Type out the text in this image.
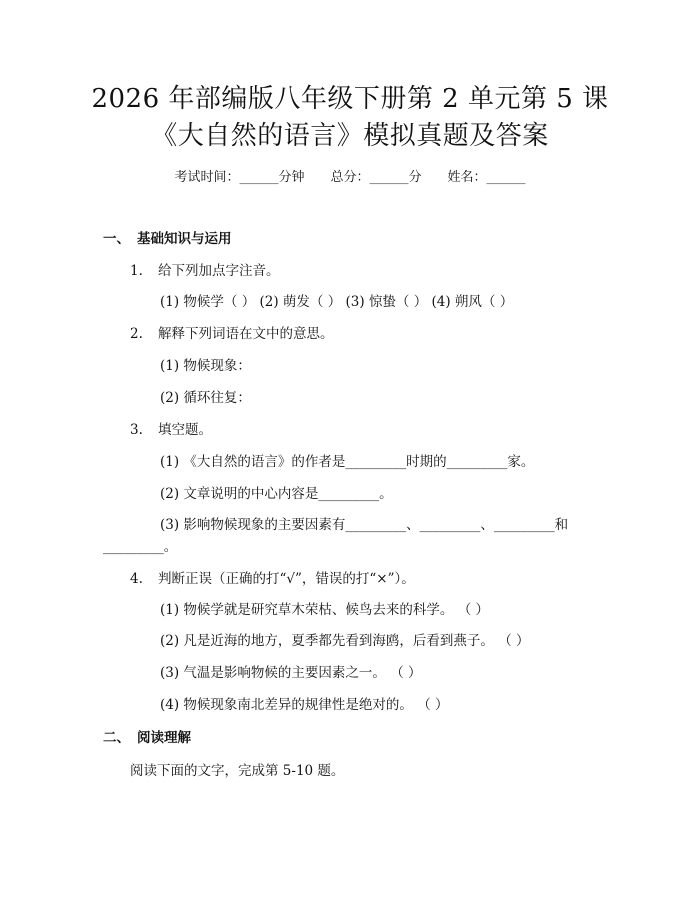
2026 年部编版八年级下册第 2 单元第 5 课
《大自然的语言》模拟真题及答案
考试时间：______分钟 总分：______分 姓名：______
一、 基础知识与运用
1. 给下列加点字注音。
(1) 物候学（ ） (2) 萌发（ ） (3) 惊蛰（ ） (4) 朔风（ ）
2. 解释下列词语在文中的意思。
(1) 物候现象：
(2) 循环往复：
3. 填空题。
(1) 《大自然的语言》的作者是_________时期的_________家。
(2) 文章说明的中心内容是_________。
(3) 影响物候现象的主要因素有_________、_________、_________和
_________。
4. 判断正误（正确的打“√”，错误的打“×”）。
(1) 物候学就是研究草木荣枯、候鸟去来的科学。 （ ）
(2) 凡是近海的地方，夏季都先看到海鸥，后看到燕子。 （ ）
(3) 气温是影响物候的主要因素之一。 （ ）
(4) 物候现象南北差异的规律性是绝对的。 （ ）
二、 阅读理解
阅读下面的文字，完成第 5-10 题。
